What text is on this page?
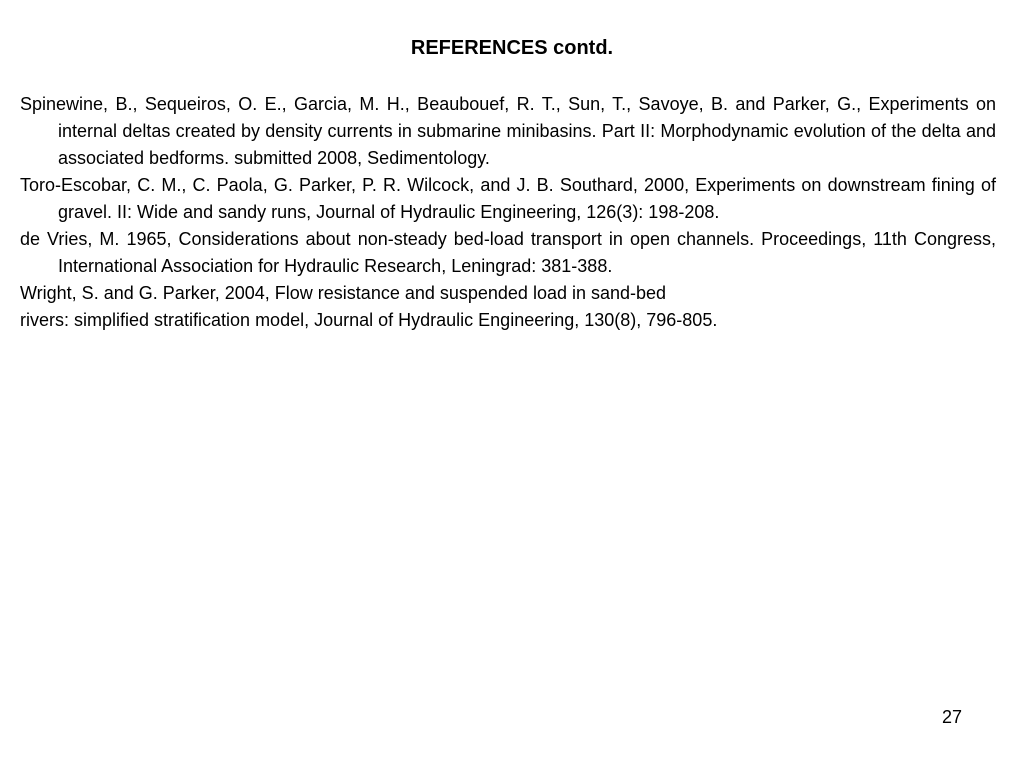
REFERENCES contd.
Spinewine, B., Sequeiros, O. E., Garcia, M. H., Beaubouef, R. T., Sun, T., Savoye, B. and Parker, G., Experiments on internal deltas created by density currents in submarine minibasins. Part II: Morphodynamic evolution of the delta and associated bedforms. submitted 2008, Sedimentology.
Toro-Escobar, C. M., C. Paola, G. Parker, P. R. Wilcock, and J. B. Southard, 2000, Experiments on downstream fining of gravel. II: Wide and sandy runs, Journal of Hydraulic Engineering, 126(3): 198-208.
de Vries, M. 1965, Considerations about non-steady bed-load transport in open channels. Proceedings, 11th Congress, International Association for Hydraulic Research, Leningrad: 381-388.
Wright, S. and G. Parker, 2004, Flow resistance and suspended load in sand-bed
rivers: simplified stratification model, Journal of Hydraulic Engineering, 130(8), 796-805.
27
